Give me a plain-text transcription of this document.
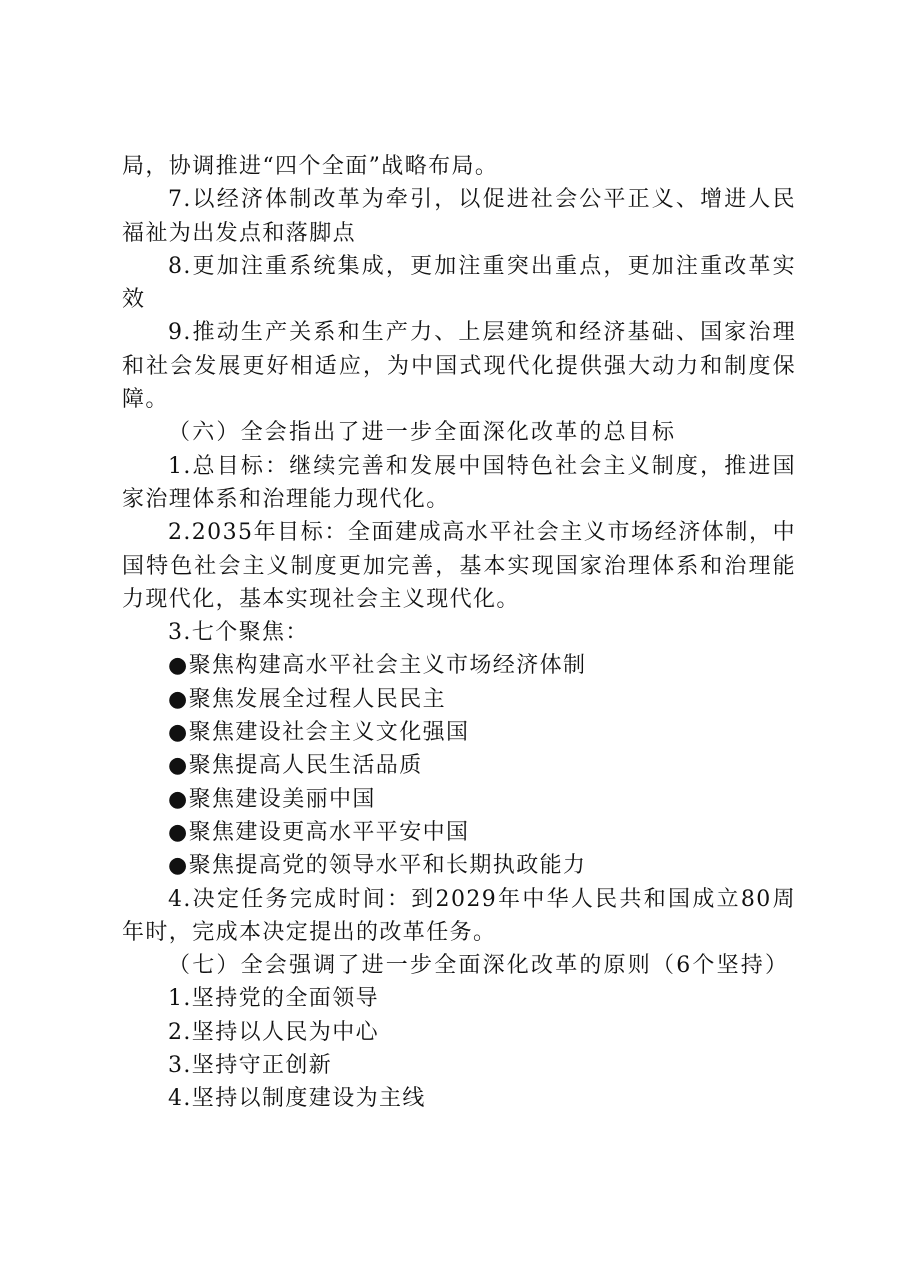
局，协调推进“四个全面”战略布局。

7.以经济体制改革为牵引，以促进社会公平正义、增进人民福祉为出发点和落脚点

8.更加注重系统集成，更加注重突出重点，更加注重改革实效

9.推动生产关系和生产力、上层建筑和经济基础、国家治理和社会发展更好相适应，为中国式现代化提供强大动力和制度保障。

（六）全会指出了进一步全面深化改革的总目标

1.总目标：继续完善和发展中国特色社会主义制度，推进国家治理体系和治理能力现代化。

2.2035年目标：全面建成高水平社会主义市场经济体制，中国特色社会主义制度更加完善，基本实现国家治理体系和治理能力现代化，基本实现社会主义现代化。

3.七个聚焦：

●聚焦构建高水平社会主义市场经济体制

●聚焦发展全过程人民民主

●聚焦建设社会主义文化强国

●聚焦提高人民生活品质

●聚焦建设美丽中国

●聚焦建设更高水平平安中国

●聚焦提高党的领导水平和长期执政能力

4.决定任务完成时间：到2029年中华人民共和国成立80周年时，完成本决定提出的改革任务。

（七）全会强调了进一步全面深化改革的原则（6个坚持）

1.坚持党的全面领导

2.坚持以人民为中心

3.坚持守正创新

4.坚持以制度建设为主线
